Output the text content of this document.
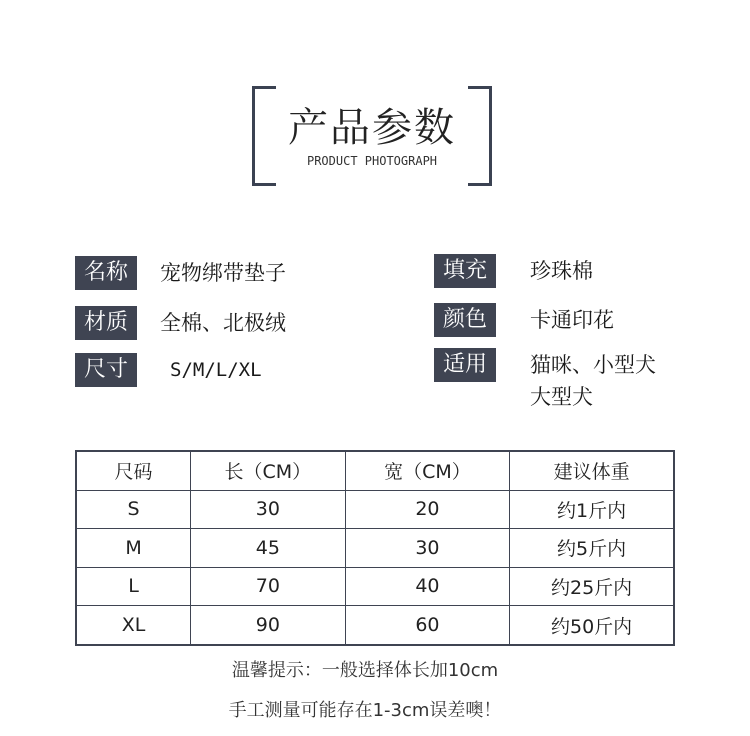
产品参数
PRODUCT PHOTOGRAPH
名称	宠物绑带垫子
材质	全棉、北极绒
尺寸	S/M/L/XL
填充	珍珠棉
颜色	卡通印花
适用	猫咪、小型犬
大型犬
尺码	长（CM）	宽（CM）	建议体重
S	30	20	约1斤内
M	45	30	约5斤内
L	70	40	约25斤内
XL	90	60	约50斤内
温馨提示：一般选择体长加10cm
手工测量可能存在1-3cm误差噢！
